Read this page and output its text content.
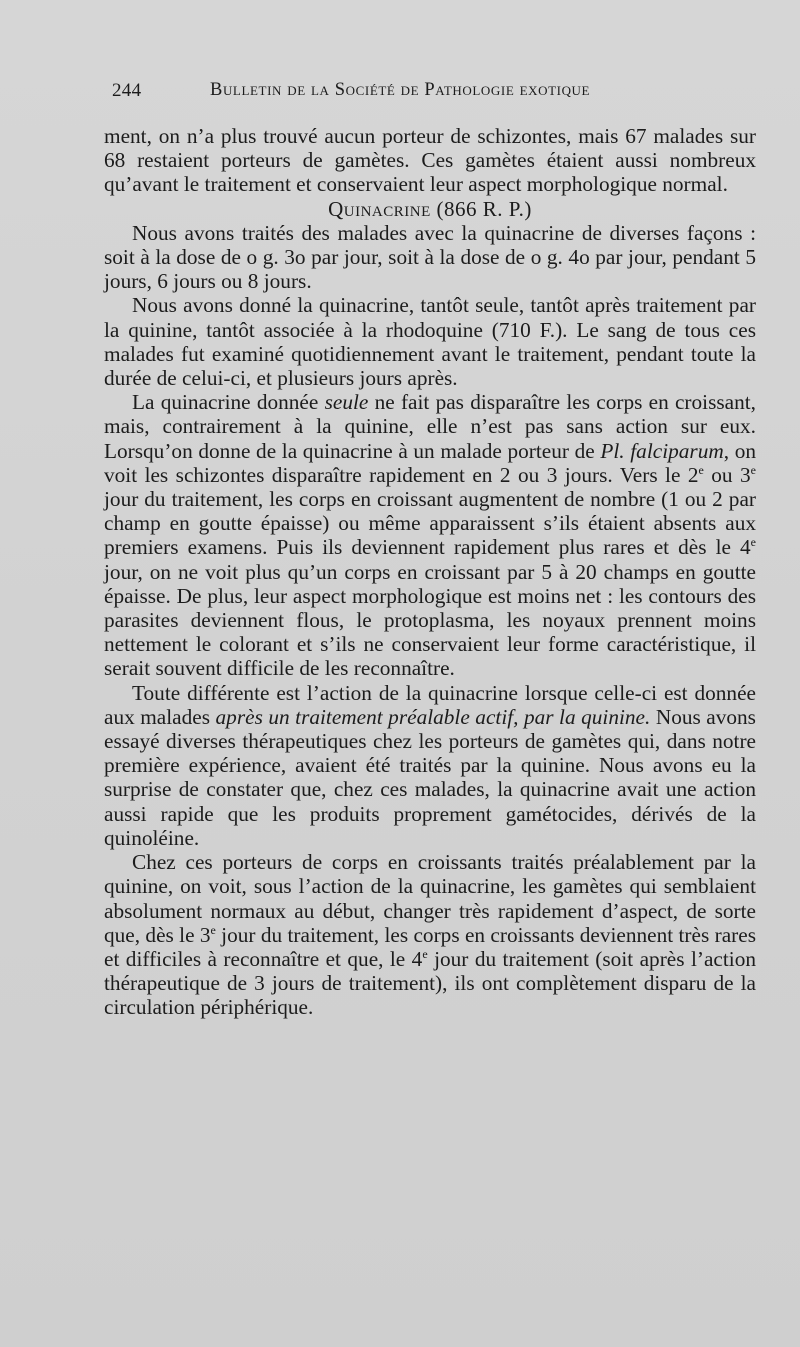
244	Bulletin de la Société de Pathologie exotique

ment, on n’a plus trouvé aucun porteur de schizontes, mais 67 malades sur 68 restaient porteurs de gamètes. Ces gamètes étaient aussi nombreux qu’avant le traitement et conservaient leur aspect morphologique normal.

Quinacrine (866 R. P.)

Nous avons traités des malades avec la quinacrine de diverses façons : soit à la dose de o g. 3o par jour, soit à la dose de o g. 4o par jour, pendant 5 jours, 6 jours ou 8 jours.

Nous avons donné la quinacrine, tantôt seule, tantôt après traitement par la quinine, tantôt associée à la rhodoquine (710 F.). Le sang de tous ces malades fut examiné quotidiennement avant le traitement, pendant toute la durée de celui-ci, et plusieurs jours après.

La quinacrine donnée seule ne fait pas disparaître les corps en croissant, mais, contrairement à la quinine, elle n’est pas sans action sur eux. Lorsqu’on donne de la quinacrine à un malade porteur de Pl. falciparum, on voit les schizontes disparaître rapidement en 2 ou 3 jours. Vers le 2e ou 3e jour du traitement, les corps en croissant augmentent de nombre (1 ou 2 par champ en goutte épaisse) ou même apparaissent s’ils étaient absents aux premiers examens. Puis ils deviennent rapidement plus rares et dès le 4e jour, on ne voit plus qu’un corps en croissant par 5 à 20 champs en goutte épaisse. De plus, leur aspect morphologique est moins net : les contours des parasites deviennent flous, le protoplasma, les noyaux prennent moins nettement le colorant et s’ils ne conservaient leur forme caractéristique, il serait souvent difficile de les reconnaître.

Toute différente est l’action de la quinacrine lorsque celle-ci est donnée aux malades après un traitement préalable actif, par la quinine. Nous avons essayé diverses thérapeutiques chez les porteurs de gamètes qui, dans notre première expérience, avaient été traités par la quinine. Nous avons eu la surprise de constater que, chez ces malades, la quinacrine avait une action aussi rapide que les produits proprement gamétocides, dérivés de la quinoléine.

Chez ces porteurs de corps en croissants traités préalablement par la quinine, on voit, sous l’action de la quinacrine, les gamètes qui semblaient absolument normaux au début, changer très rapidement d’aspect, de sorte que, dès le 3e jour du traitement, les corps en croissants deviennent très rares et difficiles à reconnaître et que, le 4e jour du traitement (soit après l’action thérapeutique de 3 jours de traitement), ils ont complètement disparu de la circulation périphérique.
